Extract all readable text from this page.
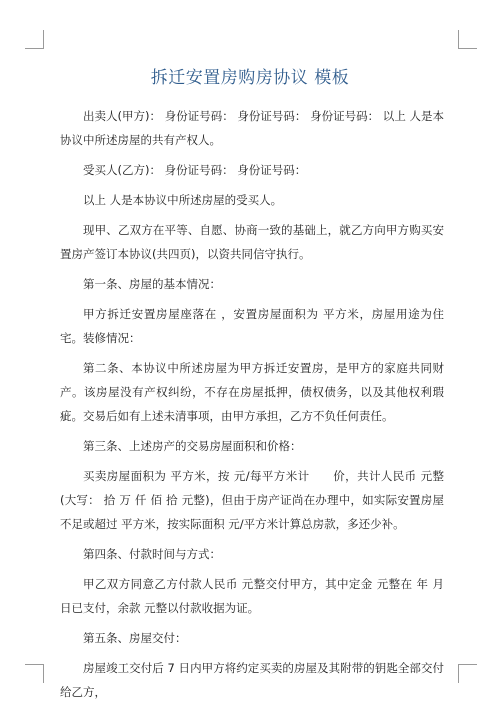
拆迁安置房购房协议 模板

出卖人(甲方)： 身份证号码： 身份证号码： 身份证号码： 以上 人是本协议中所述房屋的共有产权人。

受买人(乙方)： 身份证号码： 身份证号码：

以上 人是本协议中所述房屋的受买人。

现甲、乙双方在平等、自愿、协商一致的基础上，就乙方向甲方购买安置房产签订本协议(共四页)，以资共同信守执行。

第一条、房屋的基本情况：

甲方拆迁安置房屋座落在 ，安置房屋面积为 平方米，房屋用途为住宅。装修情况：

第二条、本协议中所述房屋为甲方拆迁安置房，是甲方的家庭共同财产。该房屋没有产权纠纷，不存在房屋抵押，债权债务，以及其他权利瑕疵。交易后如有上述未清事项，由甲方承担，乙方不负任何责任。

第三条、上述房产的交易房屋面积和价格：

买卖房屋面积为 平方米，按 元/每平方米计　　价，共计人民币 元整(大写： 拾 万 仟 佰 拾 元整)，但由于房产证尚在办理中，如实际安置房屋不足或超过 平方米，按实际面积 元/平方米计算总房款，多还少补。

第四条、付款时间与方式：

甲乙双方同意乙方付款人民币 元整交付甲方，其中定金 元整在 年 月 日已支付，余款 元整以付款收据为证。

第五条、房屋交付：

房屋竣工交付后 7 日内甲方将约定买卖的房屋及其附带的钥匙全部交付给乙方，
